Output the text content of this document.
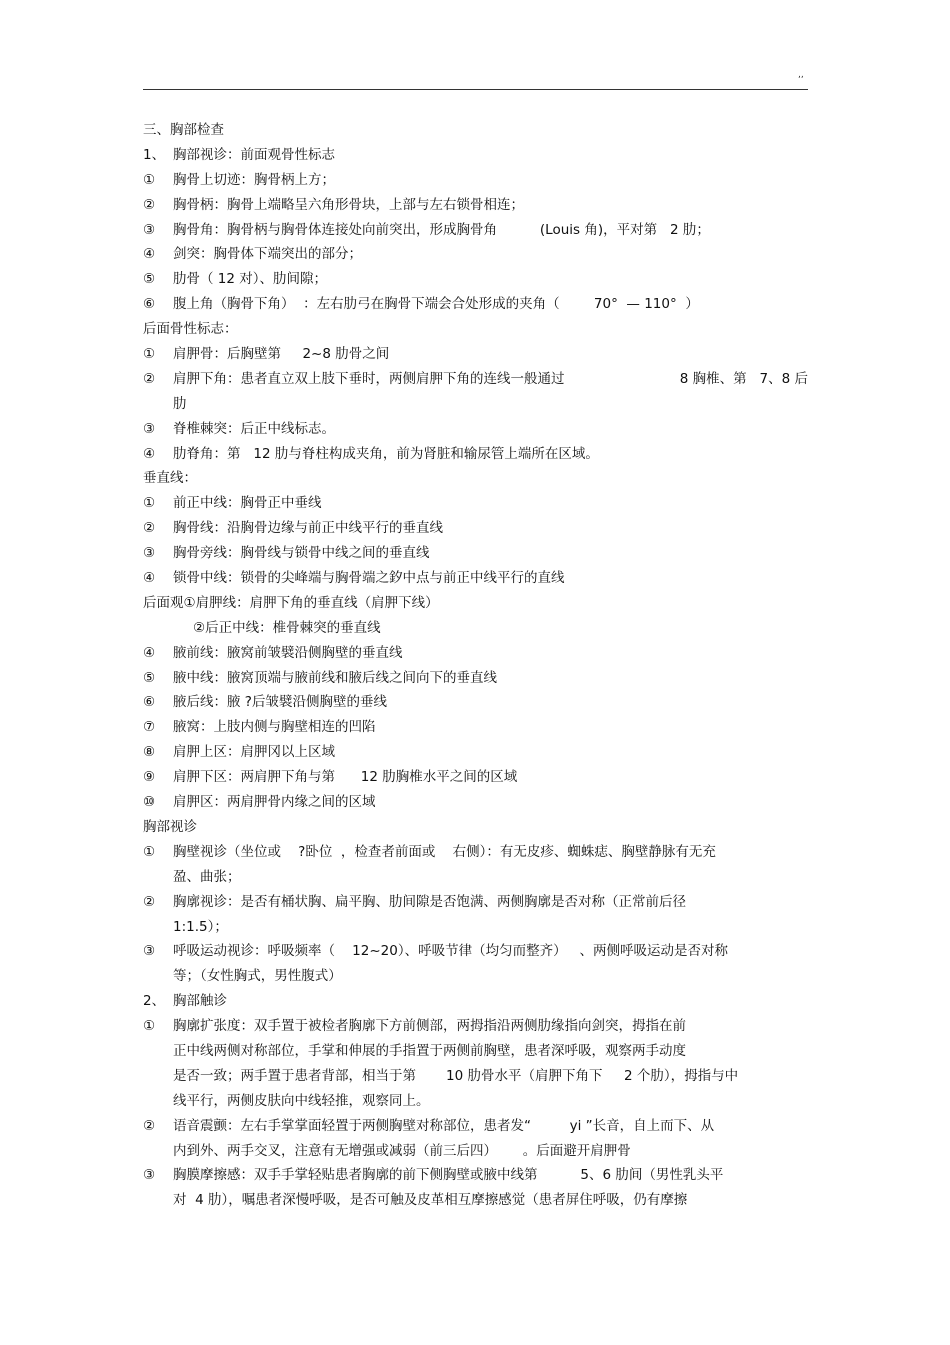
,,
三、胸部检查
1、 胸部视诊：前面观骨性标志
①	胸骨上切迹：胸骨柄上方；
②	胸骨柄：胸骨上端略呈六角形骨块，上部与左右锁骨相连；
③	胸骨角：胸骨柄与胸骨体连接处向前突出，形成胸骨角          (Louis 角)，平对第   2 肋；
④	剑突：胸骨体下端突出的部分；
⑤	肋骨（ 12 对）、肋间隙；
⑥	腹上角（胸骨下角）  ：左右肋弓在胸骨下端会合处形成的夹角（        70°  — 110°  ）
后面骨性标志：
①	肩胛骨：后胸壁第     2~8 肋骨之间
②	肩胛下角：患者直立双上肢下垂时，两侧肩胛下角的连线一般通过	8 胸椎、第   7、8 后
肋
③	脊椎棘突：后正中线标志。
④	肋脊角：第   12 肋与脊柱构成夹角，前为肾脏和输尿管上端所在区域。
垂直线：
①	前正中线：胸骨正中垂线
②	胸骨线：沿胸骨边缘与前正中线平行的垂直线
③	胸骨旁线：胸骨线与锁骨中线之间的垂直线
④	锁骨中线：锁骨的尖峰端与胸骨端之釸中点与前正中线平行的直线
后面观①肩胛线：肩胛下角的垂直线（肩胛下线）
②后正中线：椎骨棘突的垂直线
④	腋前线：腋窝前皱襞沿侧胸壁的垂直线
⑤	腋中线：腋窝顶端与腋前线和腋后线之间向下的垂直线
⑥	腋后线：腋 ?后皱襞沿侧胸壁的垂线
⑦	腋窝：上肢内侧与胸壁相连的凹陷
⑧	肩胛上区：肩胛冈以上区域
⑨	肩胛下区：两肩胛下角与第      12 肋胸椎水平之间的区域
⑩	肩胛区：两肩胛骨内缘之间的区域
胸部视诊
①	胸壁视诊（坐位或    ?卧位  ，检查者前面或    右侧）：有无皮疹、蜘蛛痣、胸壁静脉有无充
盈、曲张；
②	胸廓视诊：是否有桶状胸、扁平胸、肋间隙是否饱满、两侧胸廓是否对称（正常前后径
1:1.5）；
③	呼吸运动视诊：呼吸频率（    12~20）、呼吸节律（均匀而整齐）   、两侧呼吸运动是否对称
等；（女性胸式，男性腹式）
2、 胸部触诊
①	胸廓扩张度：双手置于被检者胸廓下方前侧部，两拇指沿两侧肋缘指向剑突，拇指在前
正中线两侧对称部位，手掌和伸展的手指置于两侧前胸壁，患者深呼吸，观察两手动度
是否一致；两手置于患者背部，相当于第       10 肋骨水平（肩胛下角下     2 个肋），拇指与中
线平行，两侧皮肤向中线轻推，观察同上。
②	语音震颤：左右手掌掌面轻置于两侧胸壁对称部位，患者发“         yi ”长音，自上而下、从
内到外、两手交叉，注意有无增强或减弱（前三后四）      。后面避开肩胛骨
③	胸膜摩擦感：双手手掌轻贴患者胸廓的前下侧胸壁或腋中线第          5、6 肋间（男性乳头平
对  4 肋），嘱患者深慢呼吸，是否可触及皮革相互摩擦感觉（患者屏住呼吸，仍有摩擦
